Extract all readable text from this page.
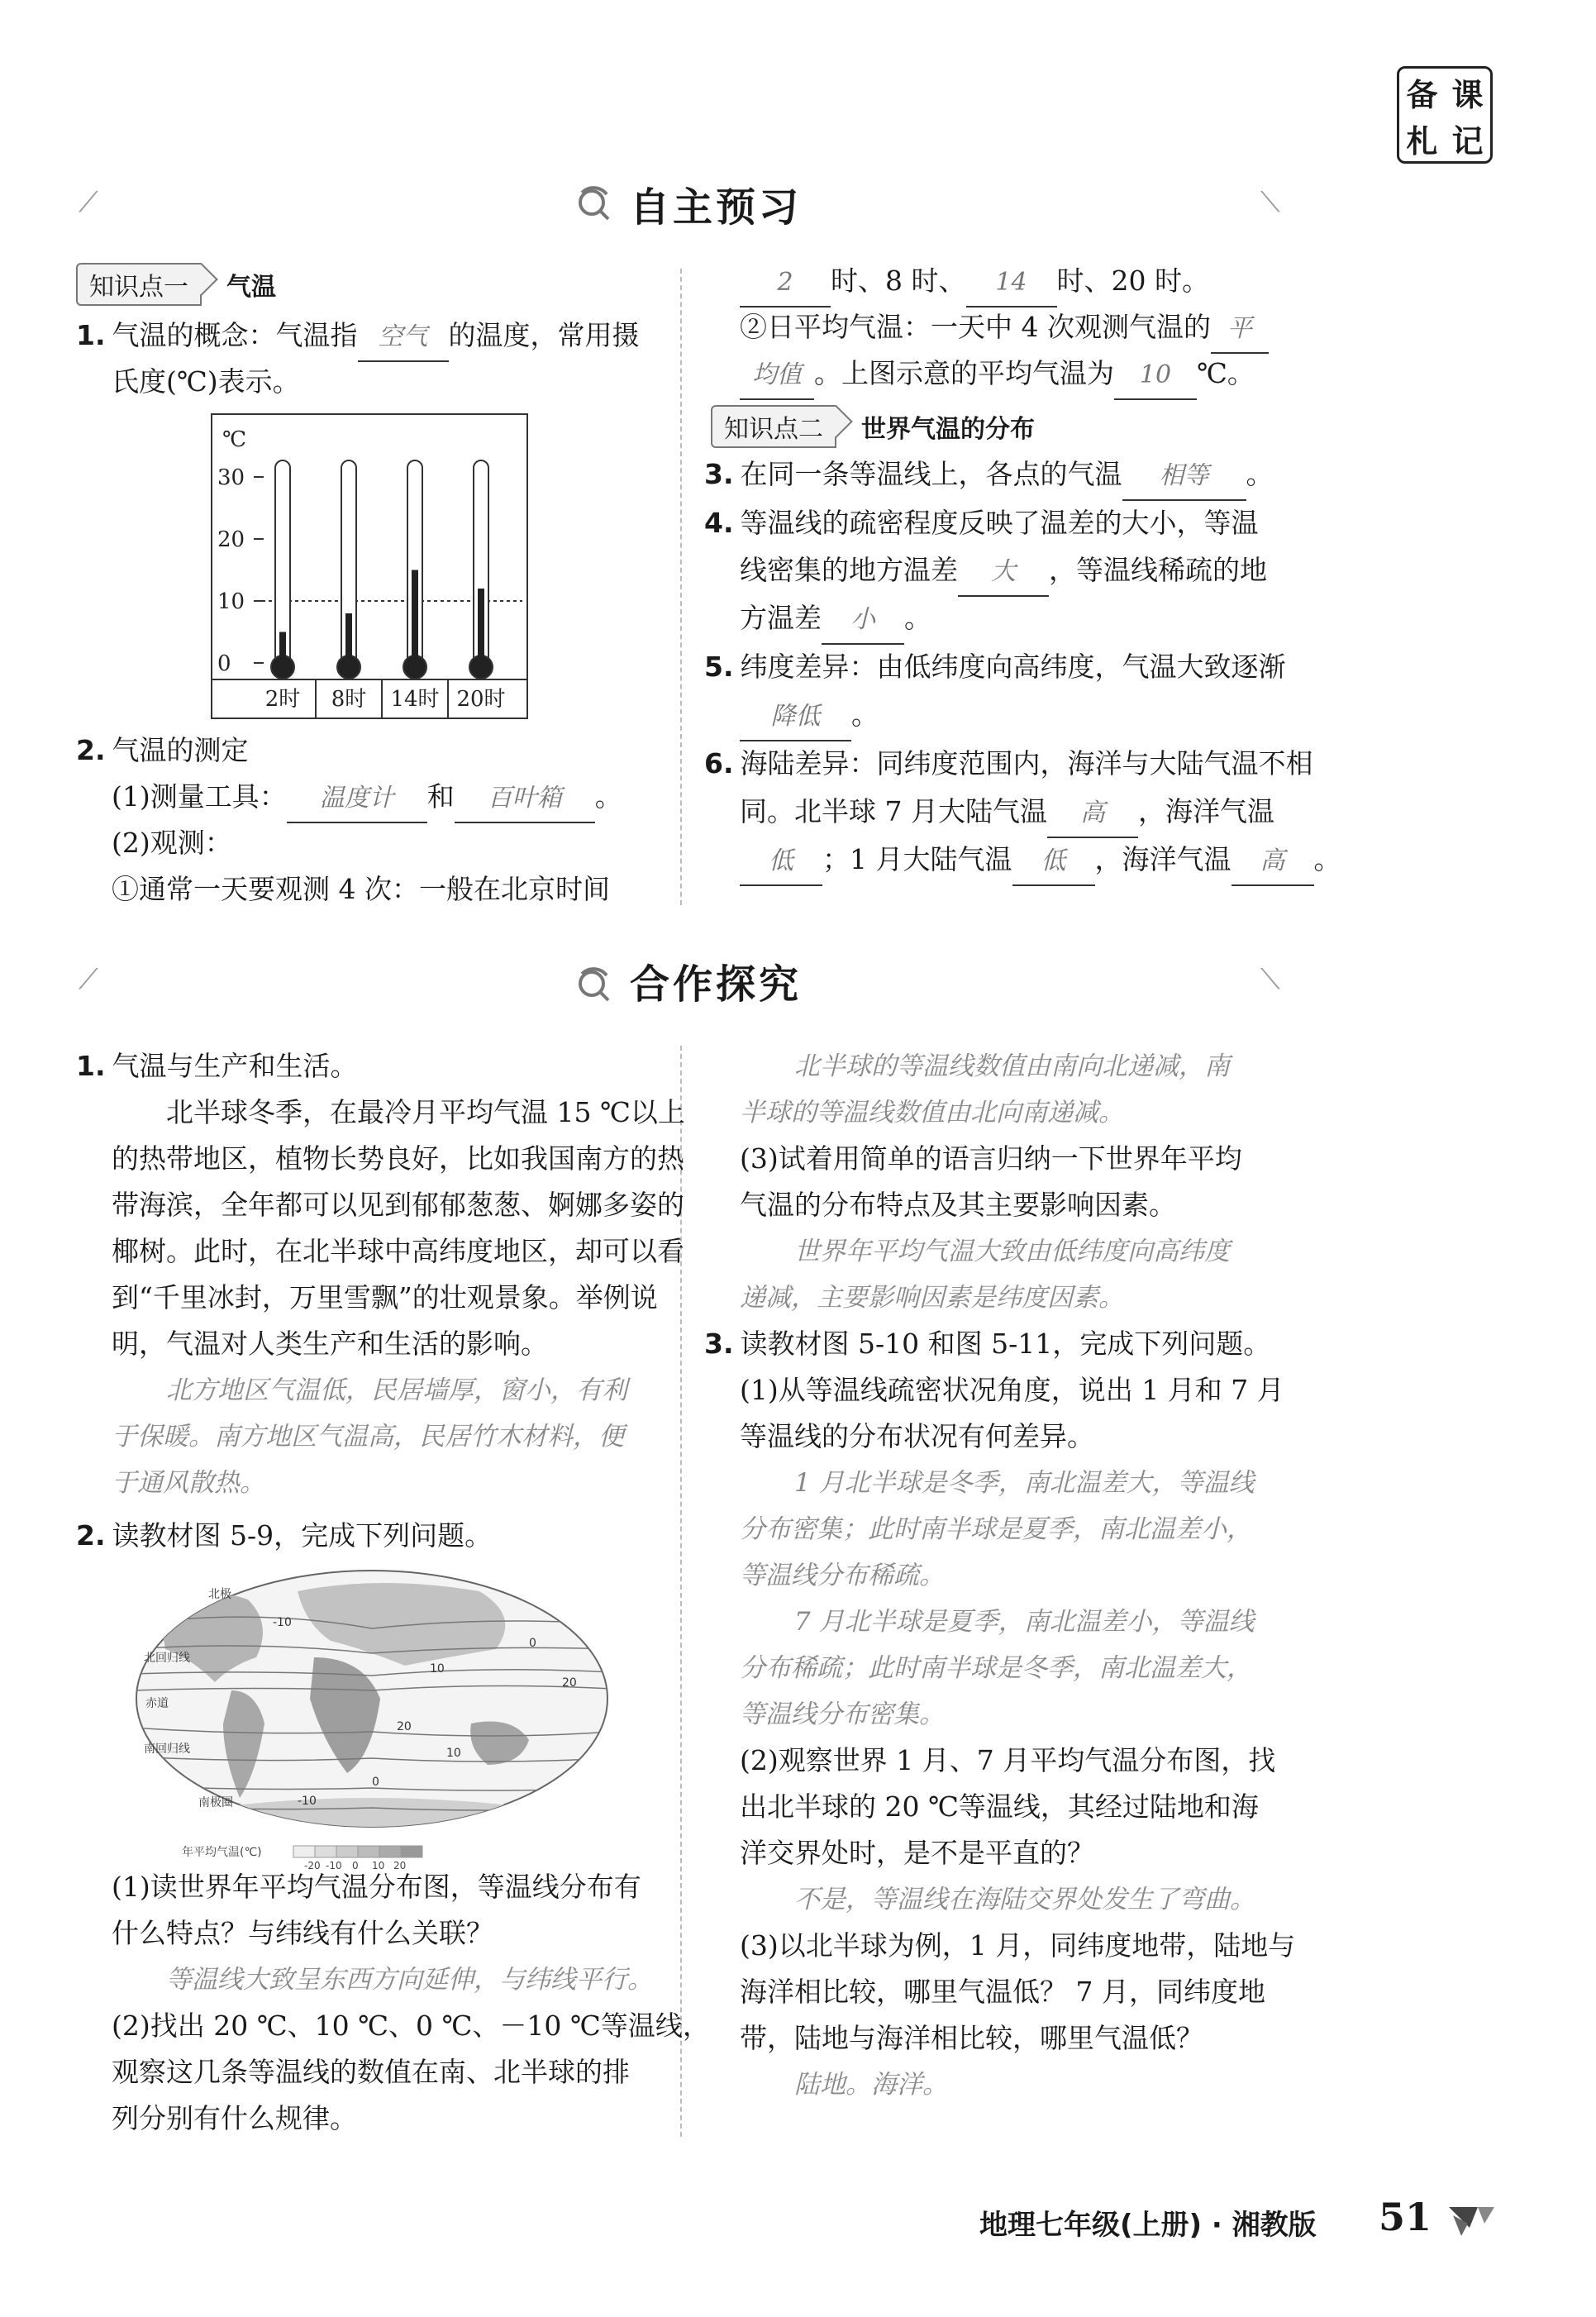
备 课
札 记
⟋	⟍
自主预习
知识点一	气温
1. 气温的概念：气温指 空气 的温度，常用摄
氏度(℃)表示。
℃
30
20
10
0
2时 8时 14时 20时
2. 气温的测定
(1)测量工具： 温度计 和 百叶箱 。
(2)观测：
①通常一天要观测 4 次：一般在北京时间
2 时、8 时、 14 时、20 时。
②日平均气温：一天中 4 次观测气温的 平
均值 。上图示意的平均气温为 10 ℃。
知识点二	世界气温的分布
3. 在同一条等温线上，各点的气温 相等 。
4. 等温线的疏密程度反映了温差的大小，等温
线密集的地方温差 大 ，等温线稀疏的地
方温差 小 。
5. 纬度差异：由低纬度向高纬度，气温大致逐渐
降低 。
6. 海陆差异：同纬度范围内，海洋与大陆气温不相
同。北半球 7 月大陆气温 高 ，海洋气温
低 ；1 月大陆气温 低 ，海洋气温 高 。
⟋	⟍
合作探究
1. 气温与生产和生活。
北半球冬季，在最冷月平均气温 15 ℃以上
的热带地区，植物长势良好，比如我国南方的热
带海滨，全年都可以见到郁郁葱葱、婀娜多姿的
椰树。此时，在北半球中高纬度地区，却可以看
到“千里冰封，万里雪飘”的壮观景象。举例说
明，气温对人类生产和生活的影响。
北方地区气温低，民居墙厚，窗小，有利
于保暖。南方地区气温高，民居竹木材料，便
于通风散热。
2. 读教材图 5-9，完成下列问题。
-10
0
10
20
20
10
0
-10
北极
赤道
南回归线
北回归线
南极圈
年平均气温(℃)
-20 -10 0 10 20
(1)读世界年平均气温分布图，等温线分布有
什么特点？与纬线有什么关联？
等温线大致呈东西方向延伸，与纬线平行。
(2)找出 20 ℃、10 ℃、0 ℃、－10 ℃等温线，
观察这几条等温线的数值在南、北半球的排
列分别有什么规律。
北半球的等温线数值由南向北递减，南
半球的等温线数值由北向南递减。
(3)试着用简单的语言归纳一下世界年平均
气温的分布特点及其主要影响因素。
世界年平均气温大致由低纬度向高纬度
递减，主要影响因素是纬度因素。
3. 读教材图 5-10 和图 5-11，完成下列问题。
(1)从等温线疏密状况角度，说出 1 月和 7 月
等温线的分布状况有何差异。
1 月北半球是冬季，南北温差大，等温线
分布密集；此时南半球是夏季，南北温差小，
等温线分布稀疏。
7 月北半球是夏季，南北温差小，等温线
分布稀疏；此时南半球是冬季，南北温差大，
等温线分布密集。
(2)观察世界 1 月、7 月平均气温分布图，找
出北半球的 20 ℃等温线，其经过陆地和海
洋交界处时，是不是平直的？
不是，等温线在海陆交界处发生了弯曲。
(3)以北半球为例，1 月，同纬度地带，陆地与
海洋相比较，哪里气温低？ 7 月，同纬度地
带，陆地与海洋相比较，哪里气温低？
陆地。海洋。
地理七年级(上册) · 湘教版 51
